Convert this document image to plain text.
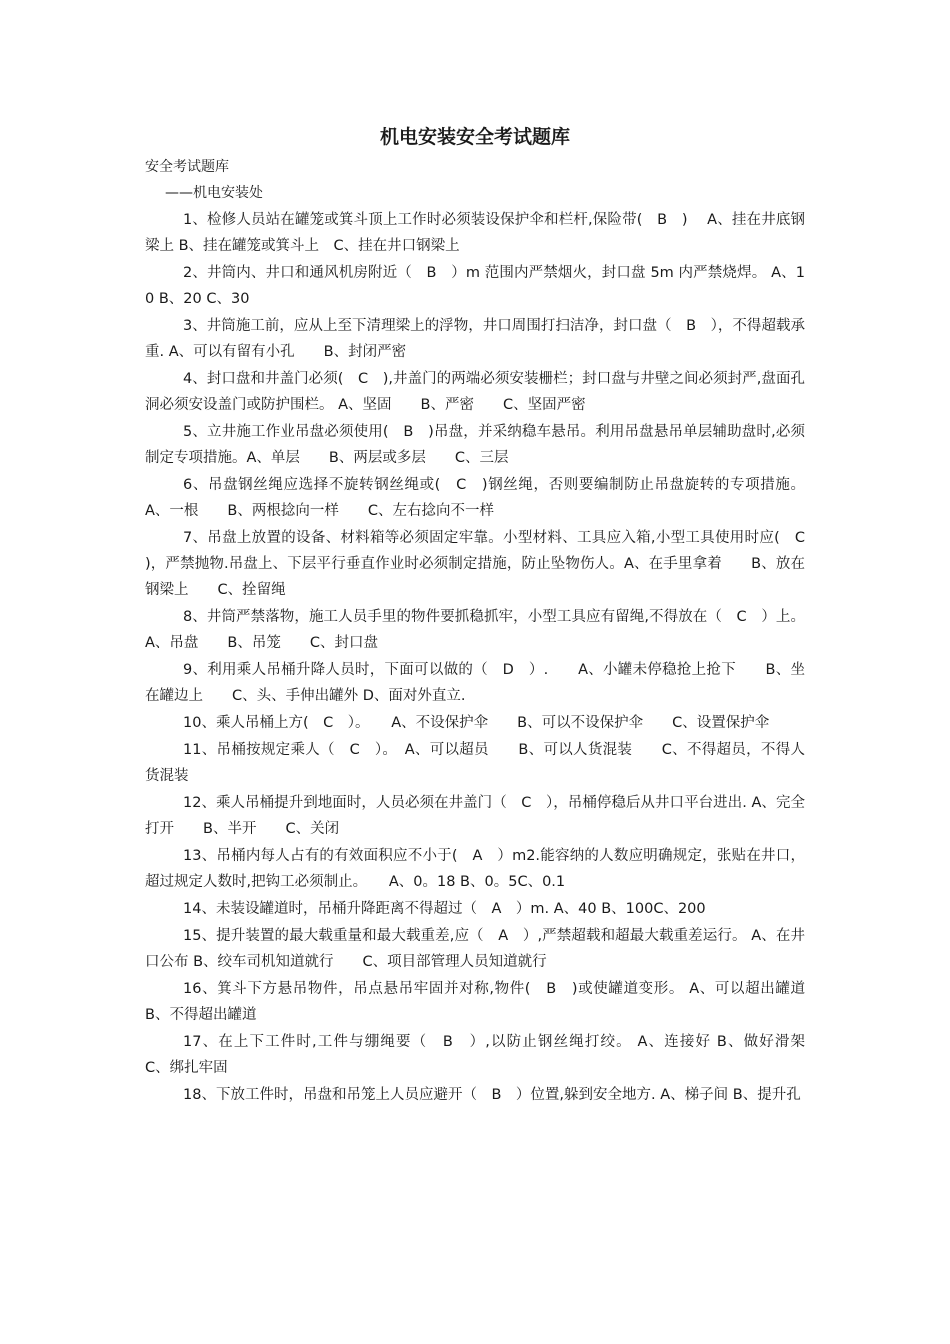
机电安装安全考试题库
安全考试题库
——机电安装处
1、检修人员站在罐笼或箕斗顶上工作时必须装设保护伞和栏杆,保险带(　B　)　 A、挂在井底钢梁上 B、挂在罐笼或箕斗上　C、挂在井口钢梁上
2、井筒内、井口和通风机房附近（　B　）m 范围内严禁烟火，封口盘 5m 内严禁烧焊。 A、10 B、20 C、30
3、井筒施工前，应从上至下清理梁上的浮物，井口周围打扫洁净，封口盘（　B　），不得超载承重. A、可以有留有小孔　　B、封闭严密
4、封口盘和井盖门必须(　C　),井盖门的两端必须安装栅栏；封口盘与井壁之间必须封严,盘面孔洞必须安设盖门或防护围栏。 A、坚固　　B、严密　　C、坚固严密
5、立井施工作业吊盘必须使用(　B　)吊盘，并采纳稳车悬吊。利用吊盘悬吊单层辅助盘时,必须制定专项措施。A、单层　　B、两层或多层　　C、三层
6、吊盘钢丝绳应选择不旋转钢丝绳或(　C　)钢丝绳，否则要编制防止吊盘旋转的专项措施。 A、一根　　B、两根捻向一样　　C、左右捻向不一样
7、吊盘上放置的设备、材料箱等必须固定牢靠。小型材料、工具应入箱,小型工具使用时应(　C　)，严禁抛物.吊盘上、下层平行垂直作业时必须制定措施，防止坠物伤人。A、在手里拿着　　B、放在钢梁上　　C、拴留绳
8、井筒严禁落物，施工人员手里的物件要抓稳抓牢，小型工具应有留绳,不得放在（　C　）上。 A、吊盘　　B、吊笼　　C、封口盘
9、利用乘人吊桶升降人员时，下面可以做的（　D　）.　　A、小罐未停稳抢上抢下　　B、坐在罐边上　　C、头、手伸出罐外 D、面对外直立.
10、乘人吊桶上方(　C　）。　　A、不设保护伞　　B、可以不设保护伞　　C、设置保护伞
11、吊桶按规定乘人（　C　）。　A、可以超员　　B、可以人货混装　　C、不得超员，不得人货混装
12、乘人吊桶提升到地面时，人员必须在井盖门（　C　），吊桶停稳后从井口平台进出. A、完全打开　　B、半开　　C、关闭
13、吊桶内每人占有的有效面积应不小于(　A　）m2.能容纳的人数应明确规定，张贴在井口，超过规定人数时,把钩工必须制止。　　A、0。18 B、0。5C、0.1
14、未装设罐道时，吊桶升降距离不得超过（　A　）m. A、40 B、100C、200
15、提升装置的最大载重量和最大载重差,应（　A　）,严禁超载和超最大载重差运行。 A、在井口公布 B、绞车司机知道就行　　C、项目部管理人员知道就行
16、箕斗下方悬吊物件，吊点悬吊牢固并对称,物件(　B　)或使罐道变形。 A、可以超出罐道 B、不得超出罐道
17、在上下工件时,工件与绷绳要（　B　）,以防止钢丝绳打绞。 A、连接好 B、做好滑架　　C、绑扎牢固
18、下放工件时，吊盘和吊笼上人员应避开（　B　）位置,躲到安全地方. A、梯子间 B、提升孔
